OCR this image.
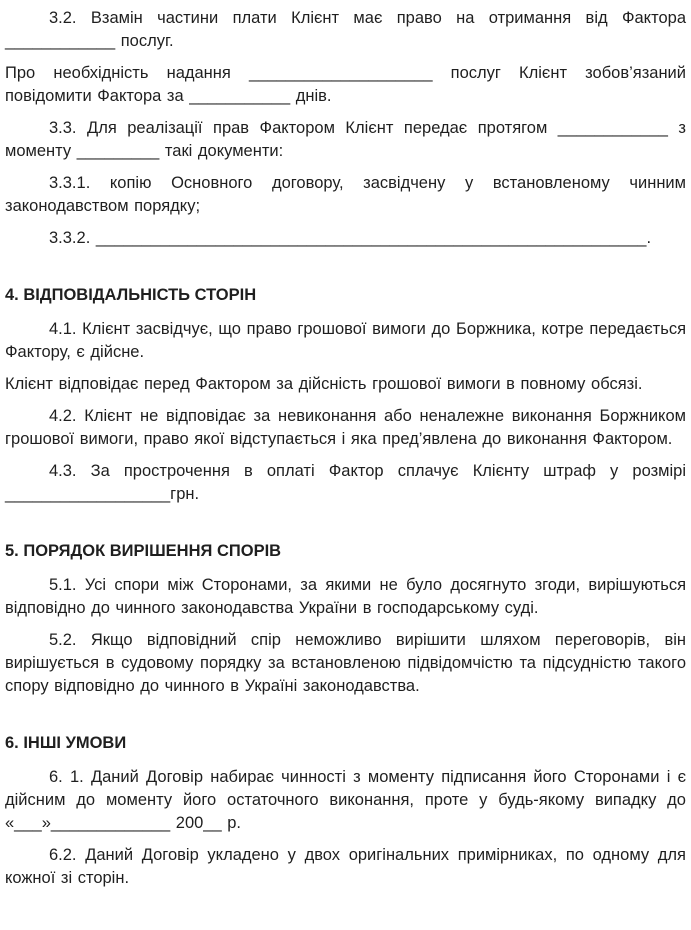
3.2. Взамін частини плати Клієнт має право на отримання від Фактора ____________ послуг.

Про необхідність надання ____________________ послуг Клієнт зобов’язаний повідомити Фактора за ___________ днів.

3.3. Для реалізації прав Фактором Клієнт передає протягом ____________ з моменту _________ такі документи:

3.3.1. копію Основного договору, засвідчену у встановленому чинним законодавством порядку;

3.3.2. ____________________________________________________________.

4. ВІДПОВІДАЛЬНІСТЬ СТОРІН

4.1. Клієнт засвідчує, що право грошової вимоги до Боржника, котре передається Фактору, є дійсне.

Клієнт відповідає перед Фактором за дійсність грошової вимоги в повному обсязі.

4.2. Клієнт не відповідає за невиконання або неналежне виконання Боржником грошової вимоги, право якої відступається і яка пред’явлена до виконання Фактором.

4.3. За прострочення в оплаті Фактор сплачує Клієнту штраф у розмірі __________________грн.

5. ПОРЯДОК ВИРІШЕННЯ СПОРІВ

5.1. Усі спори між Сторонами, за якими не було досягнуто згоди, вирішуються відповідно до чинного законодавства України в господарському суді.

5.2. Якщо відповідний спір неможливо вирішити шляхом переговорів, він вирішується в судовому порядку за встановленою підвідомчістю та підсудністю такого спору відповідно до чинного в Україні законодавства.

6. ІНШІ УМОВИ

6. 1. Даний Договір набирає чинності з моменту підписання його Сторонами і є дійсним до моменту його остаточного виконання, проте у будь-якому випадку до «___»_____________ 200__ р.

6.2. Даний Договір укладено у двох оригінальних примірниках, по одному для кожної зі сторін.
